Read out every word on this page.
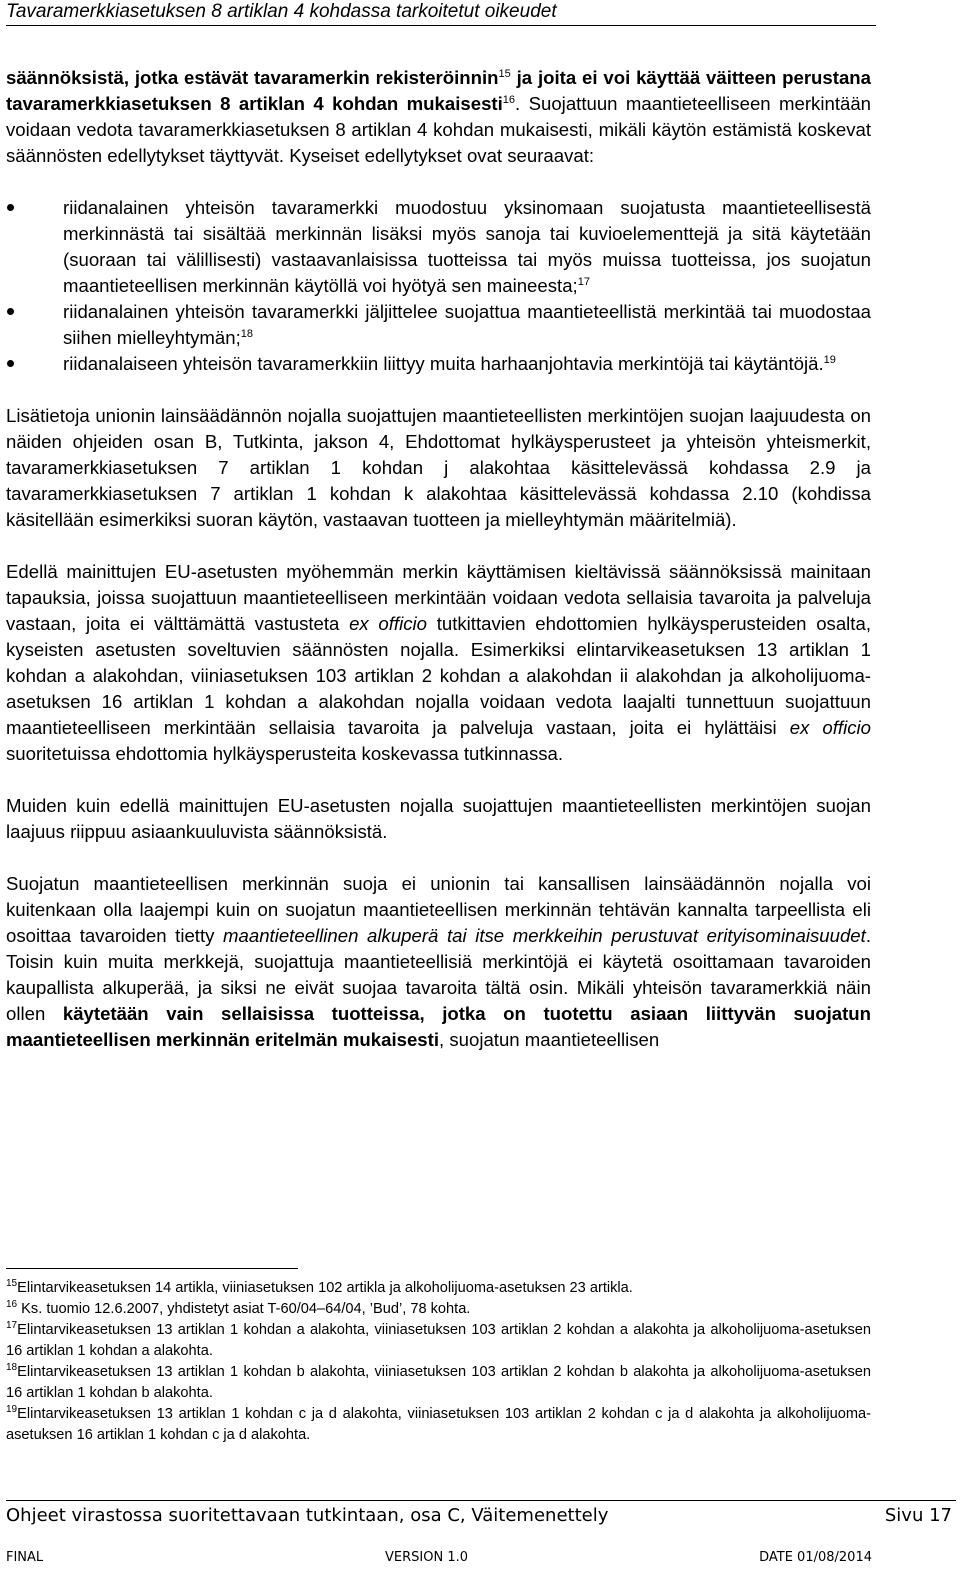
Tavaramerkkiasetuksen 8 artiklan 4 kohdassa tarkoitetut oikeudet

säännöksistä, jotka estävät tavaramerkin rekisteröinnin$^{15}$ ja joita ei voi käyttää väitteen perustana tavaramerkkiasetuksen 8 artiklan 4 kohdan mukaisesti$^{16}$. Suojattuun maantieteelliseen merkintään voidaan vedota tavaramerkkiasetuksen 8 artiklan 4 kohdan mukaisesti, mikäli käytön estämistä koskevat säännösten edellytykset täyttyvät. Kyseiset edellytykset ovat seuraavat:

riidanalainen yhteisön tavaramerkki muodostuu yksinomaan suojatusta maantieteellisestä merkinnästä tai sisältää merkinnän lisäksi myös sanoja tai kuvioelementtejä ja sitä käytetään (suoraan tai välillisesti) vastaavanlaisissa tuotteissa tai myös muissa tuotteissa, jos suojatun maantieteellisen merkinnän käytöllä voi hyötyä sen maineesta;$^{17}$
riidanalainen yhteisön tavaramerkki jäljittelee suojattua maantieteellistä merkintää tai muodostaa siihen mielleyhtymän;$^{18}$
riidanalaiseen yhteisön tavaramerkkiin liittyy muita harhaanjohtavia merkintöjä tai käytäntöjä.$^{19}$

Lisätietoja unionin lainsäädännön nojalla suojattujen maantieteellisten merkintöjen suojan laajuudesta on näiden ohjeiden osan B, Tutkinta, jakson 4, Ehdottomat hylkäysperusteet ja yhteisön yhteismerkit, tavaramerkkiasetuksen 7 artiklan 1 kohdan j alakohtaa käsittelevässä kohdassa 2.9 ja tavaramerkkiasetuksen 7 artiklan 1 kohdan k alakohtaa käsittelevässä kohdassa 2.10 (kohdissa käsitellään esimerkiksi suoran käytön, vastaavan tuotteen ja mielleyhtymän määritelmiä).

Edellä mainittujen EU-asetusten myöhemmän merkin käyttämisen kieltävissä säännöksissä mainitaan tapauksia, joissa suojattuun maantieteelliseen merkintään voidaan vedota sellaisia tavaroita ja palveluja vastaan, joita ei välttämättä vastusteta ex officio tutkittavien ehdottomien hylkäysperusteiden osalta, kyseisten asetusten soveltuvien säännösten nojalla. Esimerkiksi elintarvikeasetuksen 13 artiklan 1 kohdan a alakohdan, viiniasetuksen 103 artiklan 2 kohdan a alakohdan ii alakohdan ja alkoholijuoma-asetuksen 16 artiklan 1 kohdan a alakohdan nojalla voidaan vedota laajalti tunnettuun suojattuun maantieteelliseen merkintään sellaisia tavaroita ja palveluja vastaan, joita ei hylättäisi ex officio suoritetuissa ehdottomia hylkäysperusteita koskevassa tutkinnassa.

Muiden kuin edellä mainittujen EU-asetusten nojalla suojattujen maantieteellisten merkintöjen suojan laajuus riippuu asiaankuuluvista säännöksistä.

Suojatun maantieteellisen merkinnän suoja ei unionin tai kansallisen lainsäädännön nojalla voi kuitenkaan olla laajempi kuin on suojatun maantieteellisen merkinnän tehtävän kannalta tarpeellista eli osoittaa tavaroiden tietty maantieteellinen alkuperä tai itse merkkeihin perustuvat erityisominaisuudet. Toisin kuin muita merkkejä, suojattuja maantieteellisiä merkintöjä ei käytetä osoittamaan tavaroiden kaupallista alkuperää, ja siksi ne eivät suojaa tavaroita tältä osin. Mikäli yhteisön tavaramerkkiä näin ollen käytetään vain sellaisissa tuotteissa, jotka on tuotettu asiaan liittyvän suojatun maantieteellisen merkinnän eritelmän mukaisesti, suojatun maantieteellisen

$^{15}$Elintarvikeasetuksen 14 artikla, viiniasetuksen 102 artikla ja alkoholijuoma-asetuksen 23 artikla.

$^{16}$ Ks. tuomio 12.6.2007, yhdistetyt asiat T-60/04–64/04, ’Bud’, 78 kohta.

$^{17}$Elintarvikeasetuksen 13 artiklan 1 kohdan a alakohta, viiniasetuksen 103 artiklan 2 kohdan a alakohta ja alkoholijuoma-asetuksen 16 artiklan 1 kohdan a alakohta.

$^{18}$Elintarvikeasetuksen 13 artiklan 1 kohdan b alakohta, viiniasetuksen 103 artiklan 2 kohdan b alakohta ja alkoholijuoma-asetuksen 16 artiklan 1 kohdan b alakohta.

$^{19}$Elintarvikeasetuksen 13 artiklan 1 kohdan c ja d alakohta, viiniasetuksen 103 artiklan 2 kohdan c ja d alakohta ja alkoholijuoma-asetuksen 16 artiklan 1 kohdan c ja d alakohta.

Ohjeet virastossa suoritettavaan tutkintaan, osa C, Väitemenettely	Sivu 17
FINAL	VERSION 1.0	DATE 01/08/2014
